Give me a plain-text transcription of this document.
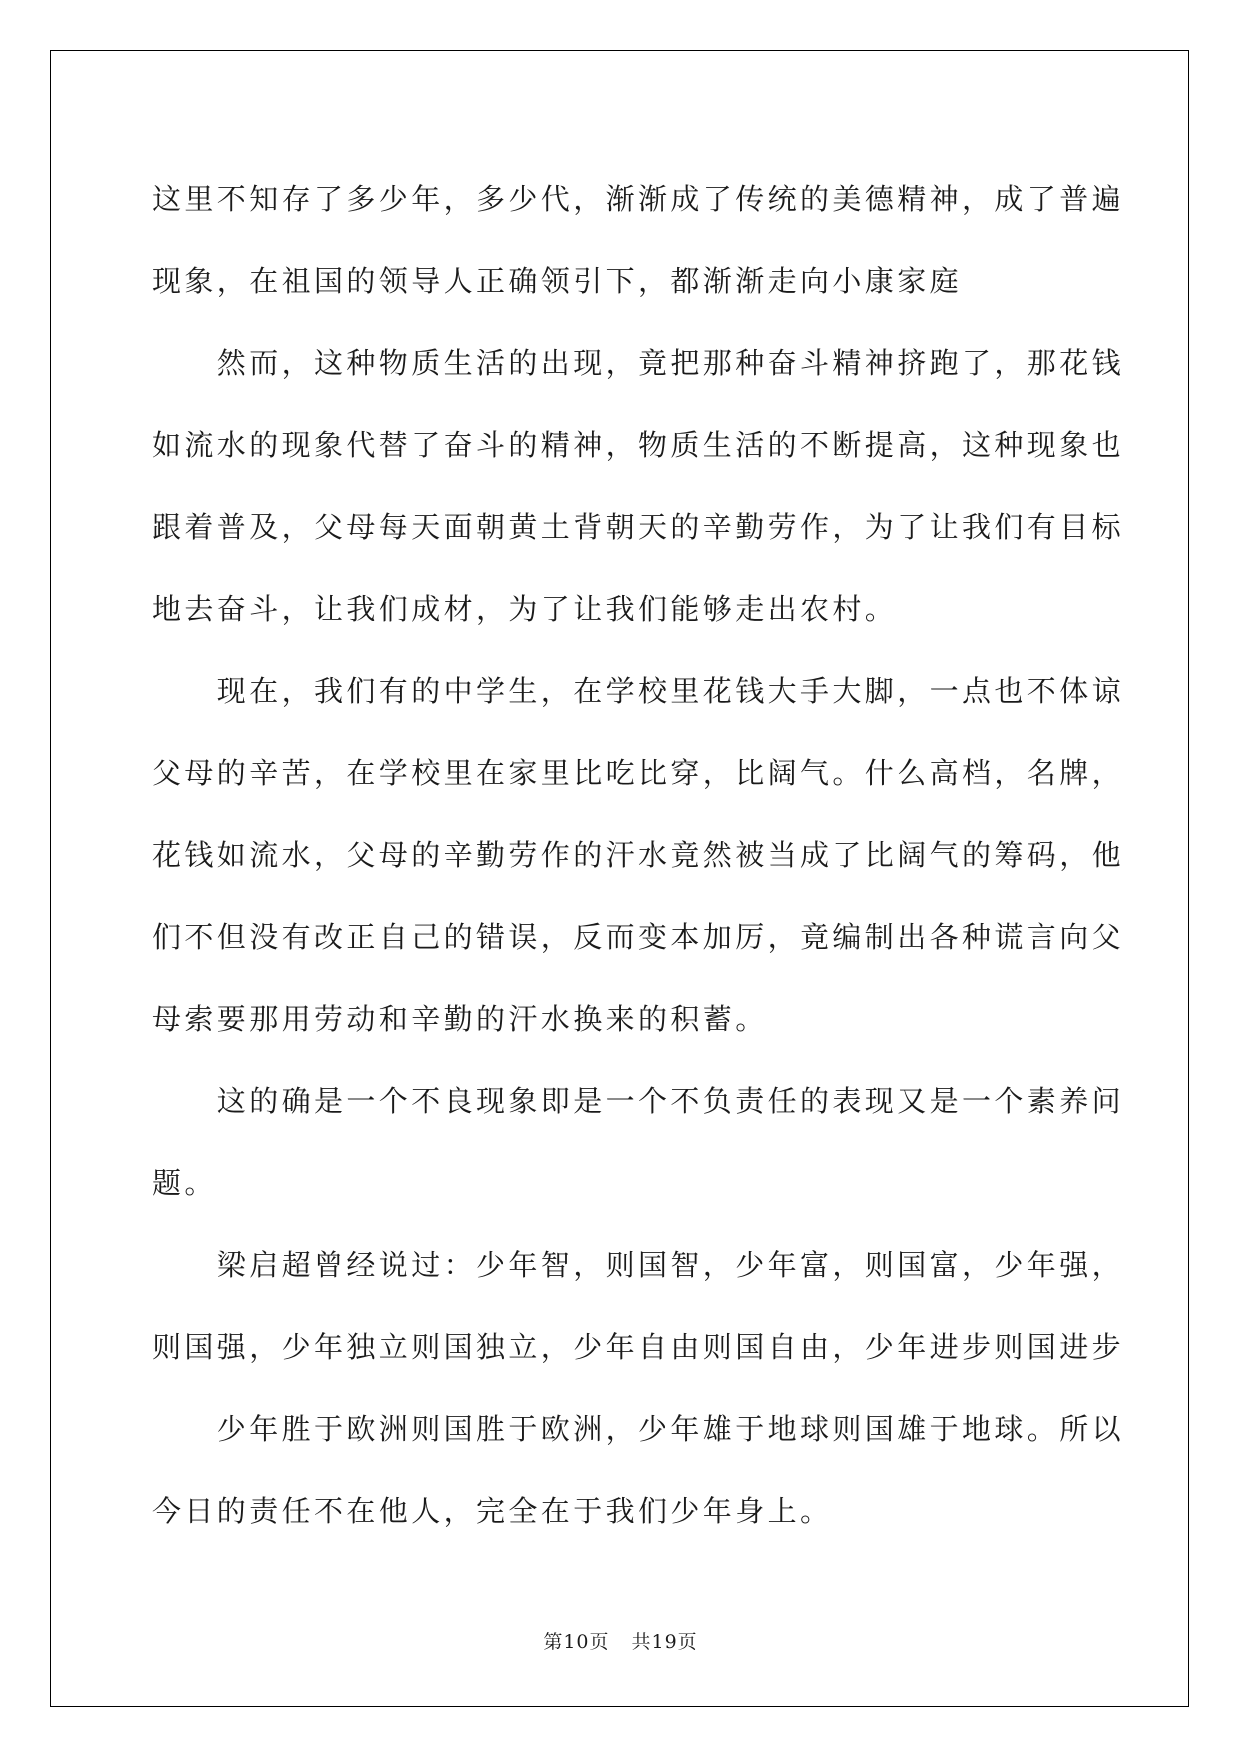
这里不知存了多少年，多少代，渐渐成了传统的美德精神，成了普遍

现象，在祖国的领导人正确领引下，都渐渐走向小康家庭

　　然而，这种物质生活的出现，竟把那种奋斗精神挤跑了，那花钱

如流水的现象代替了奋斗的精神，物质生活的不断提高，这种现象也

跟着普及，父母每天面朝黄土背朝天的辛勤劳作，为了让我们有目标

地去奋斗，让我们成材，为了让我们能够走出农村。

　　现在，我们有的中学生，在学校里花钱大手大脚，一点也不体谅

父母的辛苦，在学校里在家里比吃比穿，比阔气。什么高档，名牌，

花钱如流水，父母的辛勤劳作的汗水竟然被当成了比阔气的筹码，他

们不但没有改正自己的错误，反而变本加厉，竟编制出各种谎言向父

母索要那用劳动和辛勤的汗水换来的积蓄。

　　这的确是一个不良现象即是一个不负责任的表现又是一个素养问

题。

　　梁启超曾经说过：少年智，则国智，少年富，则国富，少年强，

则国强，少年独立则国独立，少年自由则国自由，少年进步则国进步

　　少年胜于欧洲则国胜于欧洲，少年雄于地球则国雄于地球。所以

今日的责任不在他人，完全在于我们少年身上。

第10页 共19页
